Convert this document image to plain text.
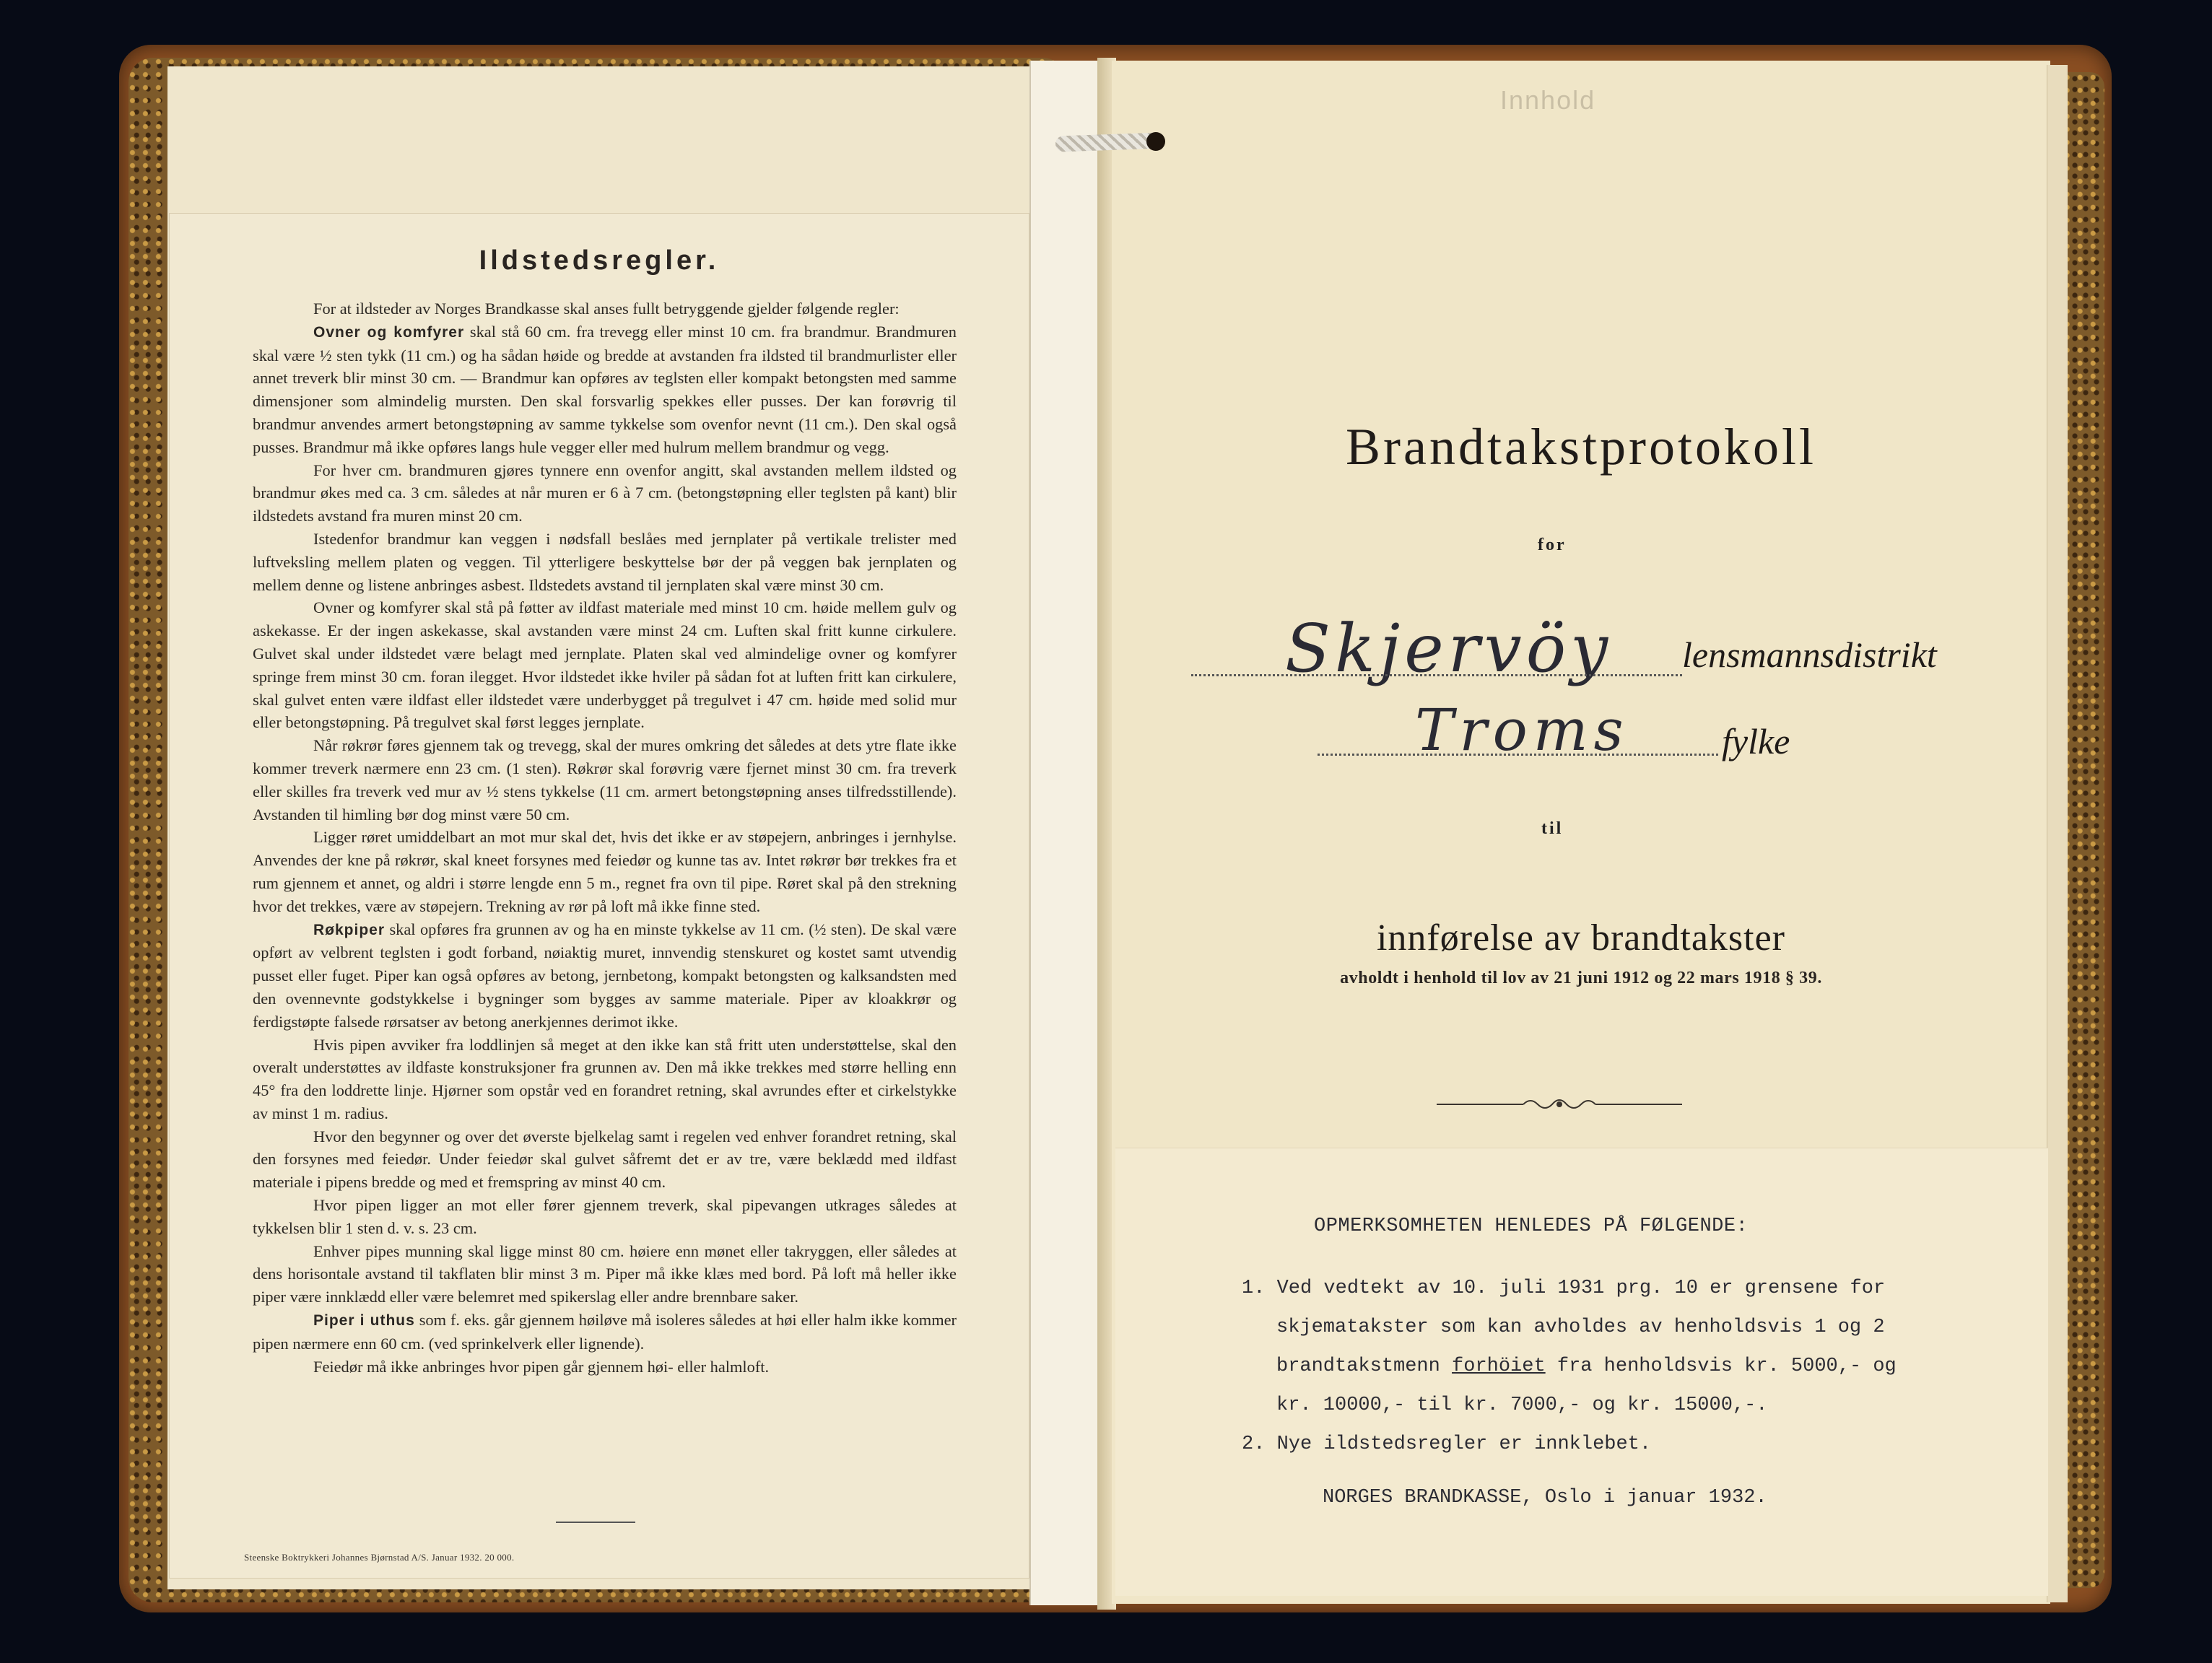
Ildstedsregler.

For at ildsteder av Norges Brandkasse skal anses fullt betryggende gjelder følgende regler:

Ovner og komfyrer skal stå 60 cm. fra trevegg eller minst 10 cm. fra brandmur. Brandmuren skal være ½ sten tykk (11 cm.) og ha sådan høide og bredde at avstanden fra ildsted til brandmurlister eller annet treverk blir minst 30 cm. — Brandmur kan opføres av teglsten eller kompakt betongsten med samme dimensjoner som almindelig mursten. Den skal forsvarlig spekkes eller pusses. Der kan forøvrig til brandmur anvendes armert betongstøpning av samme tykkelse som ovenfor nevnt (11 cm.). Den skal også pusses. Brandmur må ikke opføres langs hule vegger eller med hulrum mellem brandmur og vegg.

For hver cm. brandmuren gjøres tynnere enn ovenfor angitt, skal avstanden mellem ildsted og brandmur økes med ca. 3 cm. således at når muren er 6 à 7 cm. (betongstøpning eller teglsten på kant) blir ildstedets avstand fra muren minst 20 cm.

Istedenfor brandmur kan veggen i nødsfall beslåes med jernplater på vertikale trelister med luftveksling mellem platen og veggen. Til ytterligere beskyttelse bør der på veggen bak jernplaten og mellem denne og listene anbringes asbest. Ildstedets avstand til jernplaten skal være minst 30 cm.

Ovner og komfyrer skal stå på føtter av ildfast materiale med minst 10 cm. høide mellem gulv og askekasse. Er der ingen askekasse, skal avstanden være minst 24 cm. Luften skal fritt kunne cirkulere. Gulvet skal under ildstedet være belagt med jernplate. Platen skal ved almindelige ovner og komfyrer springe frem minst 30 cm. foran ilegget. Hvor ildstedet ikke hviler på sådan fot at luften fritt kan cirkulere, skal gulvet enten være ildfast eller ildstedet være underbygget på tregulvet i 47 cm. høide med solid mur eller betongstøpning. På tregulvet skal først legges jernplate.

Når røkrør føres gjennem tak og trevegg, skal der mures omkring det således at dets ytre flate ikke kommer treverk nærmere enn 23 cm. (1 sten). Røkrør skal forøvrig være fjernet minst 30 cm. fra treverk eller skilles fra treverk ved mur av ½ stens tykkelse (11 cm. armert betongstøpning anses tilfredsstillende). Avstanden til himling bør dog minst være 50 cm.

Ligger røret umiddelbart an mot mur skal det, hvis det ikke er av støpejern, anbringes i jernhylse. Anvendes der kne på røkrør, skal kneet forsynes med feiedør og kunne tas av. Intet røkrør bør trekkes fra et rum gjennem et annet, og aldri i større lengde enn 5 m., regnet fra ovn til pipe. Røret skal på den strekning hvor det trekkes, være av støpejern. Trekning av rør på loft må ikke finne sted.

Røkpiper skal opføres fra grunnen av og ha en minste tykkelse av 11 cm. (½ sten). De skal være opført av velbrent teglsten i godt forband, nøiaktig muret, innvendig stenskuret og kostet samt utvendig pusset eller fuget. Piper kan også opføres av betong, jernbetong, kompakt betongsten og kalksandsten med den ovennevnte godstykkelse i bygninger som bygges av samme materiale. Piper av kloakkrør og ferdigstøpte falsede rørsatser av betong anerkjennes derimot ikke.

Hvis pipen avviker fra loddlinjen så meget at den ikke kan stå fritt uten understøttelse, skal den overalt understøttes av ildfaste konstruksjoner fra grunnen av. Den må ikke trekkes med større helling enn 45° fra den loddrette linje. Hjørner som opstår ved en forandret retning, skal avrundes efter et cirkelstykke av minst 1 m. radius.

Hvor den begynner og over det øverste bjelkelag samt i regelen ved enhver forandret retning, skal den forsynes med feiedør. Under feiedør skal gulvet såfremt det er av tre, være beklædd med ildfast materiale i pipens bredde og med et fremspring av minst 40 cm.

Hvor pipen ligger an mot eller fører gjennem treverk, skal pipevangen utkrages således at tykkelsen blir 1 sten d. v. s. 23 cm.

Enhver pipes munning skal ligge minst 80 cm. høiere enn mønet eller takryggen, eller således at dens horisontale avstand til takflaten blir minst 3 m. Piper må ikke klæs med bord. På loft må heller ikke piper være innklædd eller være belemret med spikerslag eller andre brennbare saker.

Piper i uthus som f. eks. går gjennem høiløve må isoleres således at høi eller halm ikke kommer pipen nærmere enn 60 cm. (ved sprinkelverk eller lignende).

Feiedør må ikke anbringes hvor pipen går gjennem høi- eller halmloft.

Steenske Boktrykkeri Johannes Bjørnstad A/S. Januar 1932. 20 000.
Innhold
Brandtakstprotokoll
for
Skjervöy lensmannsdistrikt
Troms	fylke
til
innførelse av brandtakster
avholdt i henhold til lov av 21 juni 1912 og 22 mars 1918 § 39.
OPMERKSOMHETEN HENLEDES PÅ FØLGENDE:
1. Ved vedtekt av 10. juli 1931 prg. 10 er grensene for
skjematakster som kan avholdes av henholdsvis 1 og 2
brandtakstmenn forhöiet fra henholdsvis kr. 5000,- og
kr. 10000,- til kr. 7000,- og kr. 15000,-.
2. Nye ildstedsregler er innklebet.
NORGES BRANDKASSE, Oslo i januar 1932.
